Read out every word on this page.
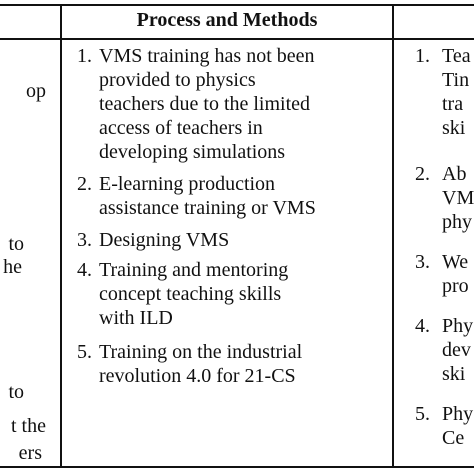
Process and Methods
op
to
he
to
t the
ers
1. VMS training has not been
provided to physics
teachers due to the limited
access of teachers in
developing simulations
2. E-learning production
assistance training or VMS
3. Designing VMS
4. Training and mentoring
concept teaching skills
with ILD
5. Training on the industrial
revolution 4.0 for 21-CS
1. Tea
Tin
tra
ski
2. Ab
VM
phy
3. We
pro
4. Phy
dev
ski
5. Phy
Ce
